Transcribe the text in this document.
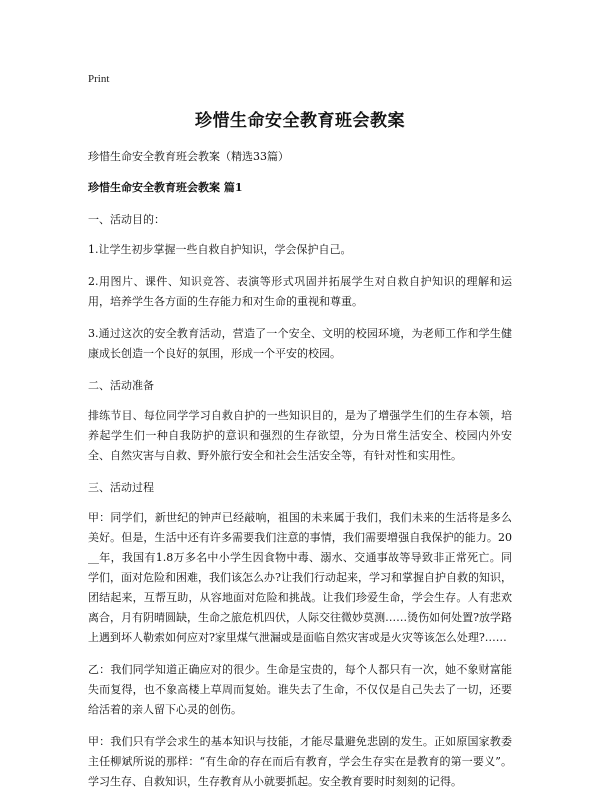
Print
珍惜生命安全教育班会教案
珍惜生命安全教育班会教案（精选33篇）
珍惜生命安全教育班会教案 篇1
一、活动目的：
1.让学生初步掌握一些自救自护知识，学会保护自己。
2.用图片、课件、知识竞答、表演等形式巩固并拓展学生对自救自护知识的理解和运用，培养学生各方面的生存能力和对生命的重视和尊重。
3.通过这次的安全教育活动，营造了一个安全、文明的校园环境，为老师工作和学生健康成长创造一个良好的氛围，形成一个平安的校园。
二、活动准备
排练节目、每位同学学习自救自护的一些知识目的，是为了增强学生们的生存本领，培养起学生们一种自我防护的意识和强烈的生存欲望，分为日常生活安全、校园内外安全、自然灾害与自救、野外旅行安全和社会生活安全等，有针对性和实用性。
三、活动过程
甲：同学们，新世纪的钟声已经敲响，祖国的未来属于我们，我们未来的生活将是多么美好。但是，生活中还有许多需要我们注意的事情，我们需要增强自我保护的能力。20__年，我国有1.8万多名中小学生因食物中毒、溺水、交通事故等导致非正常死亡。同学们，面对危险和困难，我们该怎么办?让我们行动起来，学习和掌握自护自救的知识，团结起来，互帮互助，从容地面对危险和挑战。让我们珍爱生命，学会生存。人有悲欢离合，月有阴晴圆缺，生命之旅危机四伏，人际交往微妙莫测……烫伤如何处置?放学路上遇到坏人勒索如何应对?家里煤气泄漏或是面临自然灾害或是火灾等该怎么处理?……
乙：我们同学知道正确应对的很少。生命是宝贵的，每个人都只有一次，她不象财富能失而复得，也不象高楼上草周而复始。谁失去了生命，不仅仅是自己失去了一切，还要给活着的亲人留下心灵的创伤。
甲：我们只有学会求生的基本知识与技能，才能尽量避免悲剧的发生。正如原国家教委主任柳斌所说的那样：“有生命的存在而后有教育，学会生存实在是教育的第一要义”。学习生存、自救知识，生存教育从小就要抓起。安全教育要时时刻刻的记得。
